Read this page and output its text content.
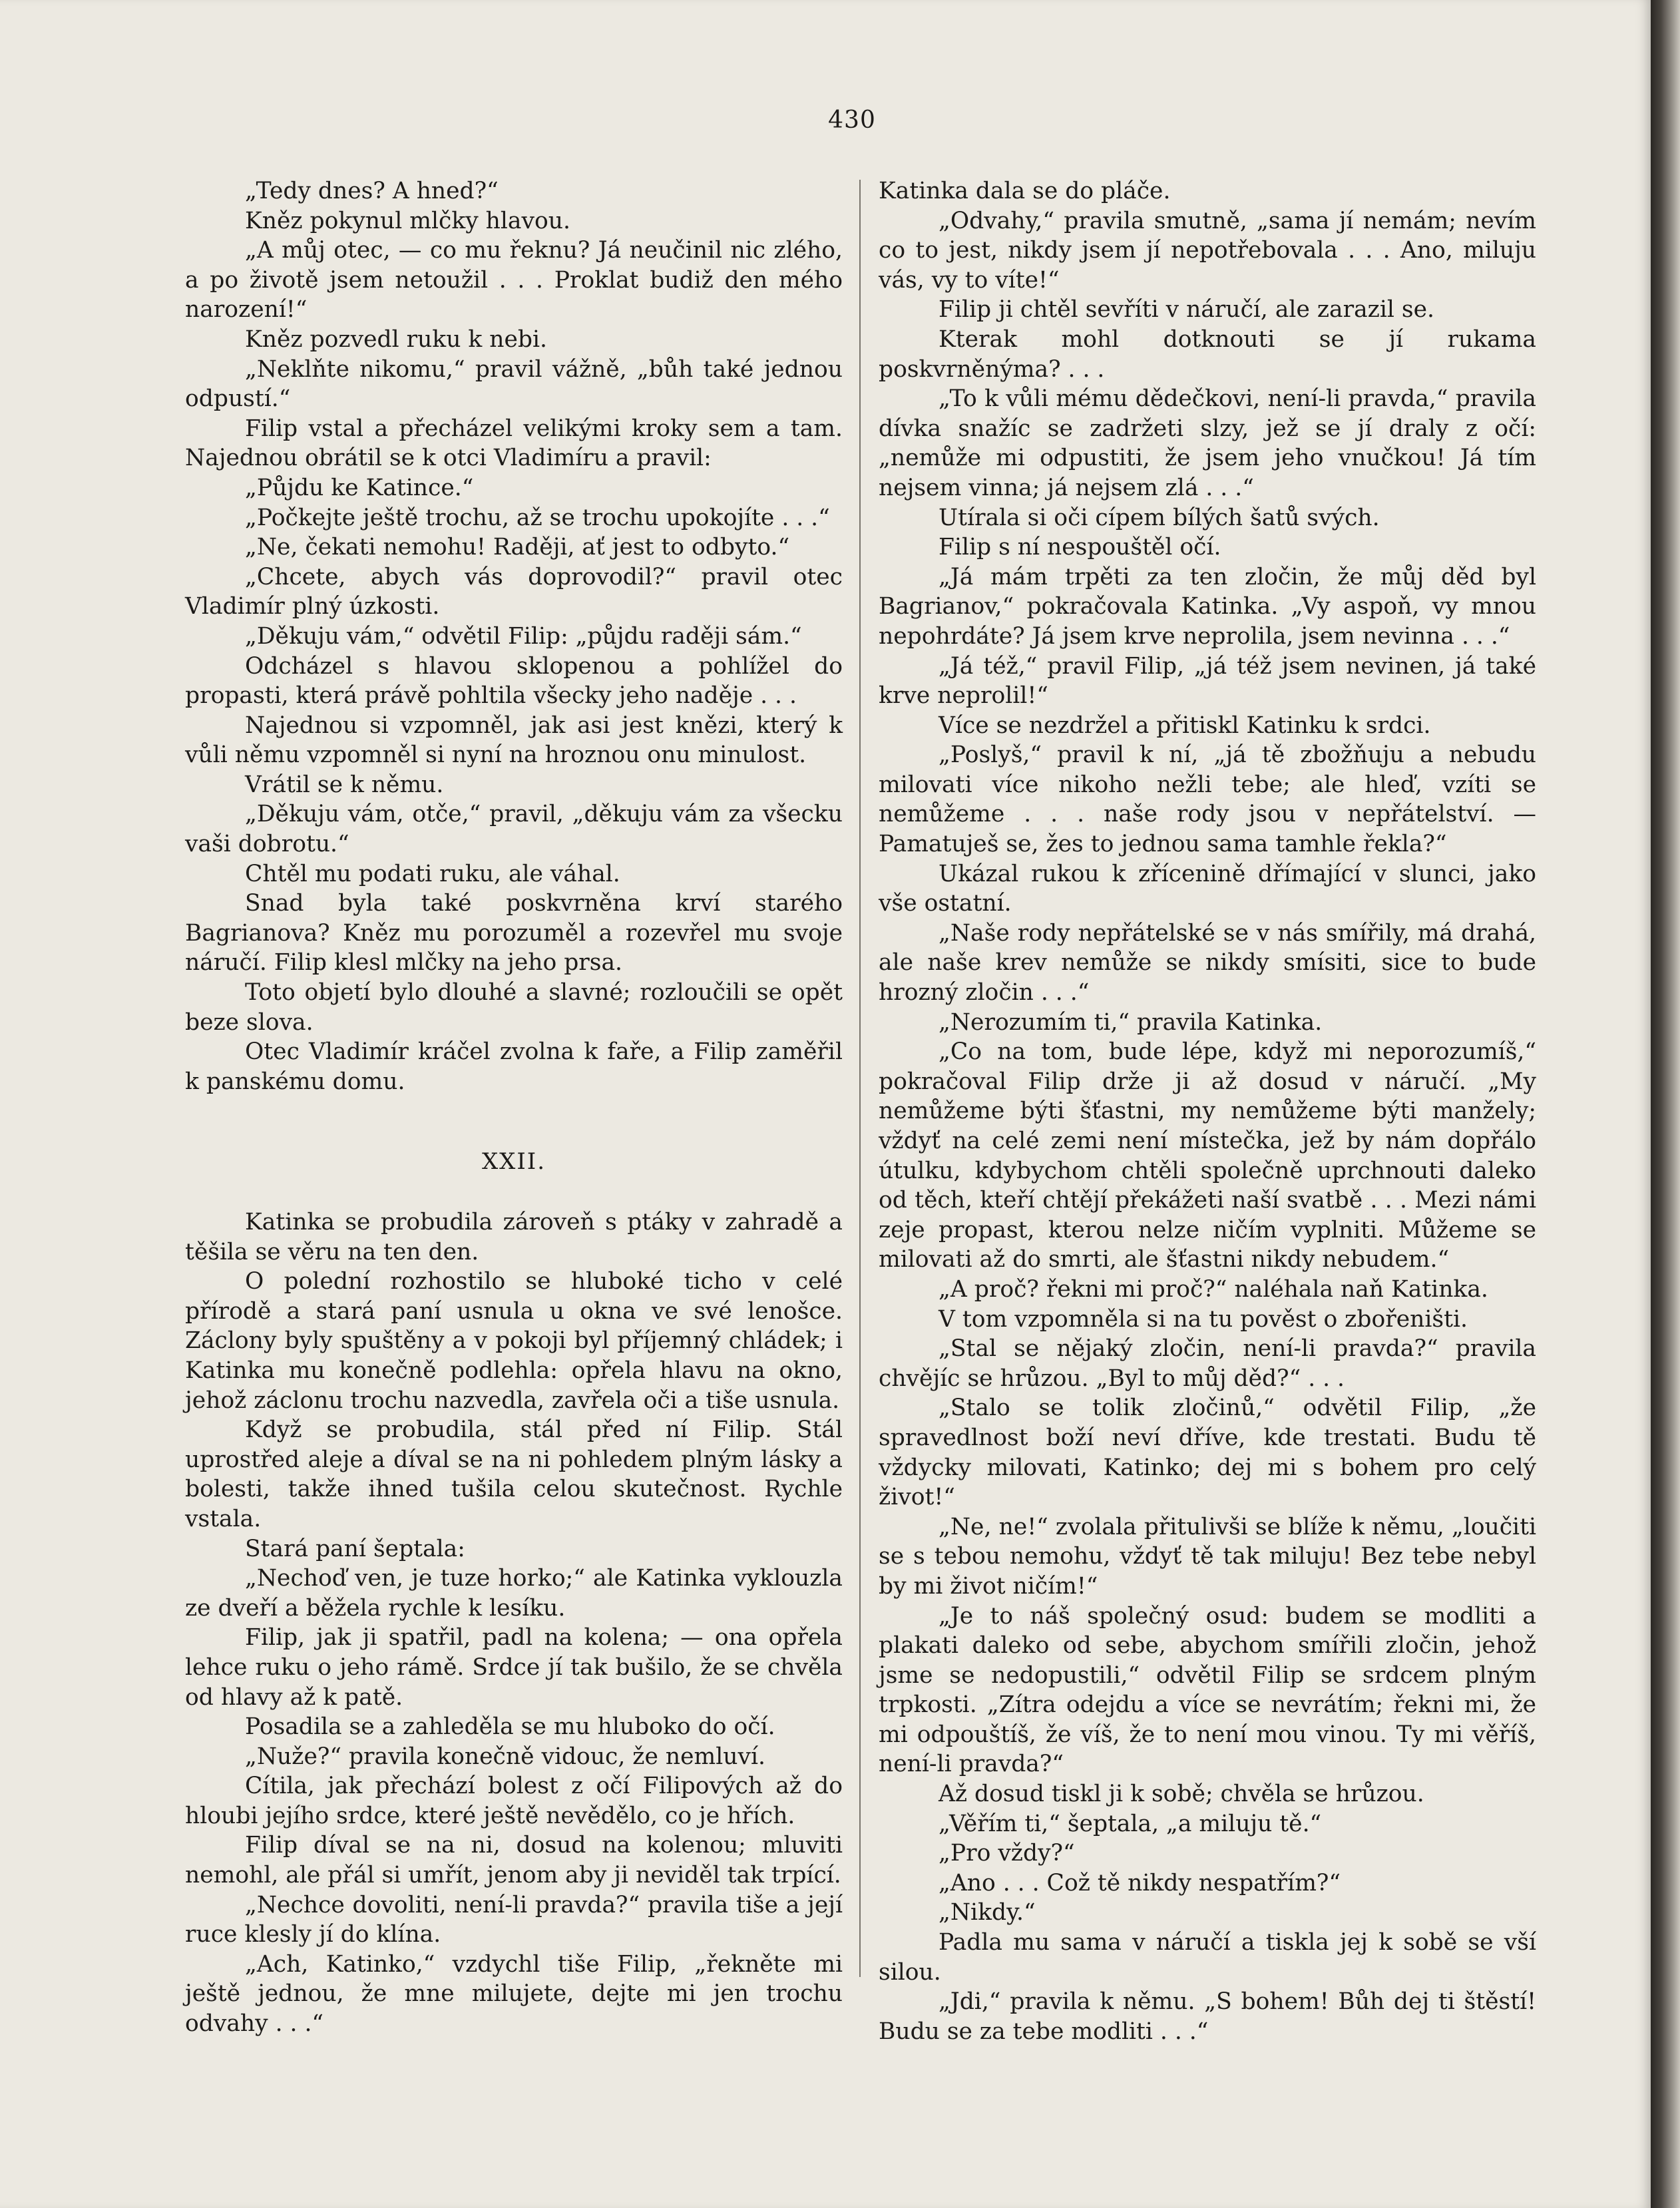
430

„Tedy dnes? A hned?“

Kněz pokynul mlčky hlavou.

„A můj otec, — co mu řeknu? Já neučinil nic zlého, a po životě jsem netoužil . . . Proklat budiž den mého narození!“

Kněz pozvedl ruku k nebi.

„Neklňte nikomu,“ pravil vážně, „bůh také jednou odpustí.“

Filip vstal a přecházel velikými kroky sem a tam. Najednou obrátil se k otci Vladimíru a pravil:

„Půjdu ke Katince.“

„Počkejte ještě trochu, až se trochu upokojíte . . .“

„Ne, čekati nemohu! Raději, ať jest to odbyto.“

„Chcete, abych vás doprovodil?“ pravil otec Vladimír plný úzkosti.

„Děkuju vám,“ odvětil Filip: „půjdu raději sám.“

Odcházel s hlavou sklopenou a pohlížel do propasti, která právě pohltila všecky jeho naděje . . .

Najednou si vzpomněl, jak asi jest knězi, který k vůli němu vzpomněl si nyní na hroznou onu minulost.

Vrátil se k němu.

„Děkuju vám, otče,“ pravil, „děkuju vám za všecku vaši dobrotu.“

Chtěl mu podati ruku, ale váhal.

Snad byla také poskvrněna krví starého Bagrianova? Kněz mu porozuměl a rozevřel mu svoje náručí. Filip klesl mlčky na jeho prsa.

Toto objetí bylo dlouhé a slavné; rozloučili se opět beze slova.

Otec Vladimír kráčel zvolna k faře, a Filip zaměřil k panskému domu.

XXII.

Katinka se probudila zároveň s ptáky v zahradě a těšila se věru na ten den.

O polední rozhostilo se hluboké ticho v celé přírodě a stará paní usnula u okna ve své lenošce. Záclony byly spuštěny a v pokoji byl příjemný chládek; i Katinka mu konečně podlehla: opřela hlavu na okno, jehož záclonu trochu nazvedla, zavřela oči a tiše usnula.

Když se probudila, stál před ní Filip. Stál uprostřed aleje a díval se na ni pohledem plným lásky a bolesti, takže ihned tušila celou skutečnost. Rychle vstala.

Stará paní šeptala:

„Nechoď ven, je tuze horko;“ ale Katinka vyklouzla ze dveří a běžela rychle k lesíku.

Filip, jak ji spatřil, padl na kolena; — ona opřela lehce ruku o jeho rámě. Srdce jí tak bušilo, že se chvěla od hlavy až k patě.

Posadila se a zahleděla se mu hluboko do očí.

„Nuže?“ pravila konečně vidouc, že nemluví.

Cítila, jak přechází bolest z očí Filipových až do hloubi jejího srdce, které ještě nevědělo, co je hřích.

Filip díval se na ni, dosud na kolenou; mluviti nemohl, ale přál si umřít, jenom aby ji neviděl tak trpící.

„Nechce dovoliti, není-li pravda?“ pravila tiše a její ruce klesly jí do klína.

„Ach, Katinko,“ vzdychl tiše Filip, „řekněte mi ještě jednou, že mne milujete, dejte mi jen trochu odvahy . . .“

Katinka dala se do pláče.

„Odvahy,“ pravila smutně, „sama jí nemám; nevím co to jest, nikdy jsem jí nepotřebovala . . . Ano, miluju vás, vy to víte!“

Filip ji chtěl sevříti v náručí, ale zarazil se.

Kterak mohl dotknouti se jí rukama poskvrněnýma? . . .

„To k vůli mému dědečkovi, není-li pravda,“ pravila dívka snažíc se zadržeti slzy, jež se jí draly z očí: „nemůže mi odpustiti, že jsem jeho vnučkou! Já tím nejsem vinna; já nejsem zlá . . .“

Utírala si oči cípem bílých šatů svých.

Filip s ní nespouštěl očí.

„Já mám trpěti za ten zločin, že můj děd byl Bagrianov,“ pokračovala Katinka. „Vy aspoň, vy mnou nepohrdáte? Já jsem krve neprolila, jsem nevinna . . .“

„Já též,“ pravil Filip, „já též jsem nevinen, já také krve neprolil!“

Více se nezdržel a přitiskl Katinku k srdci.

„Poslyš,“ pravil k ní, „já tě zbožňuju a nebudu milovati více nikoho nežli tebe; ale hleď, vzíti se nemůžeme . . . naše rody jsou v nepřátelství. — Pamatuješ se, žes to jednou sama tamhle řekla?“

Ukázal rukou k zřícenině dřímající v slunci, jako vše ostatní.

„Naše rody nepřátelské se v nás smířily, má drahá, ale naše krev nemůže se nikdy smísiti, sice to bude hrozný zločin . . .“

„Nerozumím ti,“ pravila Katinka.

„Co na tom, bude lépe, když mi neporozumíš,“ pokračoval Filip drže ji až dosud v náručí. „My nemůžeme býti šťastni, my nemůžeme býti manžely; vždyť na celé zemi není místečka, jež by nám dopřálo útulku, kdybychom chtěli společně uprchnouti daleko od těch, kteří chtějí překážeti naší svatbě . . . Mezi námi zeje propast, kterou nelze ničím vyplniti. Můžeme se milovati až do smrti, ale šťastni nikdy nebudem.“

„A proč? řekni mi proč?“ naléhala naň Katinka.

V tom vzpomněla si na tu pověst o zbořeništi.

„Stal se nějaký zločin, není-li pravda?“ pravila chvějíc se hrůzou. „Byl to můj děd?“ . . .

„Stalo se tolik zločinů,“ odvětil Filip, „že spravedlnost boží neví dříve, kde trestati. Budu tě vždycky milovati, Katinko; dej mi s bohem pro celý život!“

„Ne, ne!“ zvolala přitulivši se blíže k němu, „loučiti se s tebou nemohu, vždyť tě tak miluju! Bez tebe nebyl by mi život ničím!“

„Je to náš společný osud: budem se modliti a plakati daleko od sebe, abychom smířili zločin, jehož jsme se nedopustili,“ odvětil Filip se srdcem plným trpkosti. „Zítra odejdu a více se nevrátím; řekni mi, že mi odpouštíš, že víš, že to není mou vinou. Ty mi věříš, není-li pravda?“

Až dosud tiskl ji k sobě; chvěla se hrůzou.

„Věřím ti,“ šeptala, „a miluju tě.“

„Pro vždy?“

„Ano . . . Což tě nikdy nespatřím?“

„Nikdy.“

Padla mu sama v náručí a tiskla jej k sobě se vší silou.

„Jdi,“ pravila k němu. „S bohem! Bůh dej ti štěstí! Budu se za tebe modliti . . .“
